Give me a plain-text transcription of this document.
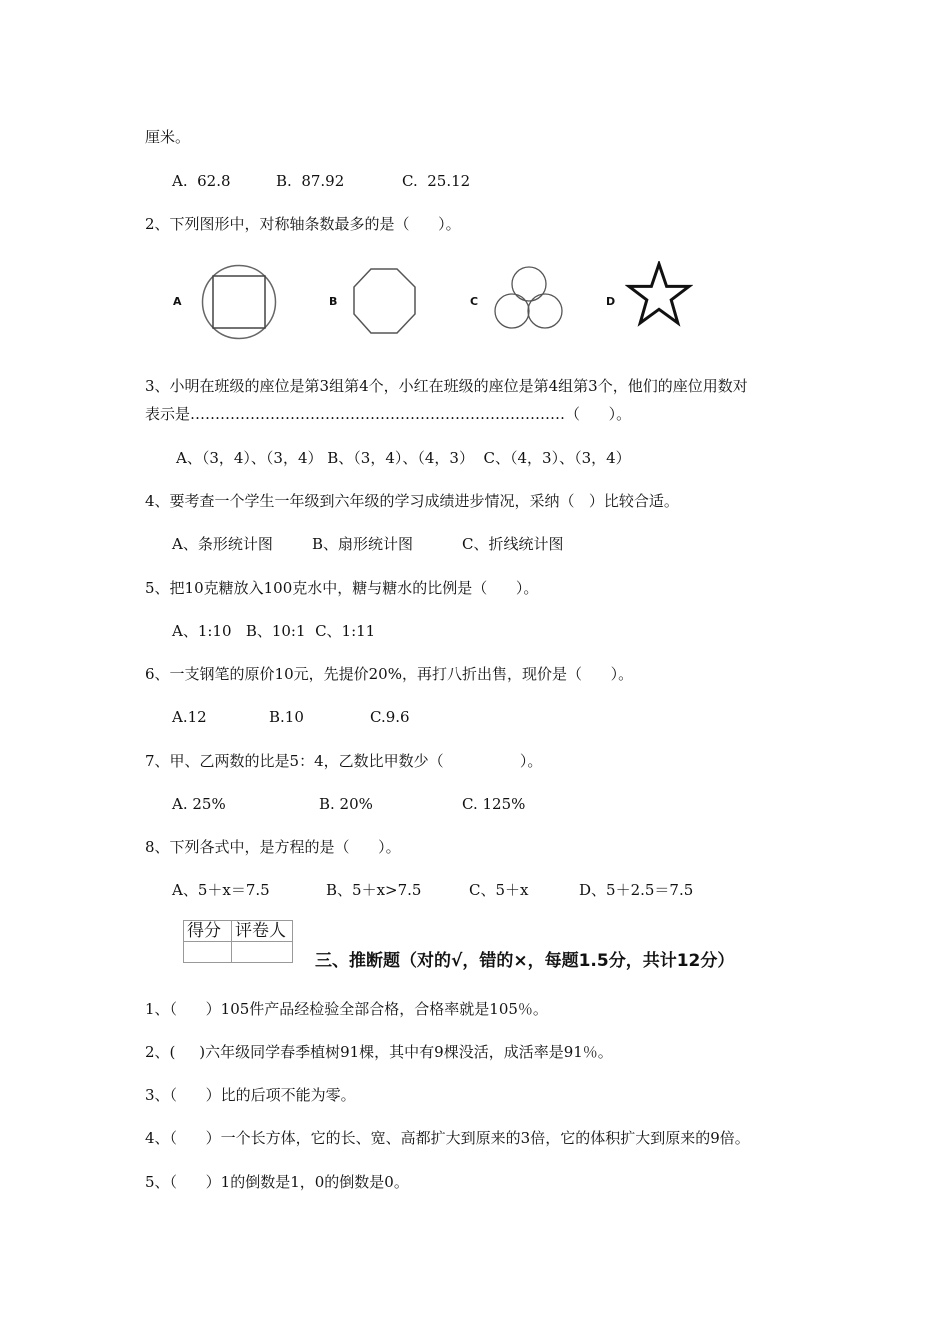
厘米。
A.  62.8	B.  87.92	C.  25.12
2、下列图形中，对称轴条数最多的是（      ）。
A	B	C	D
3、小明在班级的座位是第3组第4个，小红在班级的座位是第4组第3个，他们的座位用数对
表示是…………………………………………………………………（      ）。
A、（3，4）、（3，4） B、（3，4）、（4，3）  C、（4，3）、（3，4）
4、要考查一个学生一年级到六年级的学习成绩进步情况，采纳（   ）比较合适。
A、条形统计图	B、扇形统计图	C、折线统计图
5、把10克糖放入100克水中，糖与糖水的比例是（      ）。
A、1:10   B、10:1  C、1:11
6、一支钢笔的原价10元，先提价20%，再打八折出售，现价是（      ）。
A.12	B.10	C.9.6
7、甲、乙两数的比是5：4，乙数比甲数少（                ）。
A. 25%	B. 20%	C. 125%
8、下列各式中，是方程的是（      ）。
A、5＋x＝7.5	B、5＋x>7.5	C、5＋x	D、5＋2.5＝7.5
得分	评卷人

三、推断题（对的√，错的×，每题1.5分，共计12分）
1、（      ）105件产品经检验全部合格，合格率就是105％。
2、(     )六年级同学春季植树91棵，其中有9棵没活，成活率是91％。
3、（      ）比的后项不能为零。
4、（      ）一个长方体，它的长、宽、高都扩大到原来的3倍，它的体积扩大到原来的9倍。
5、（      ）1的倒数是1，0的倒数是0。
